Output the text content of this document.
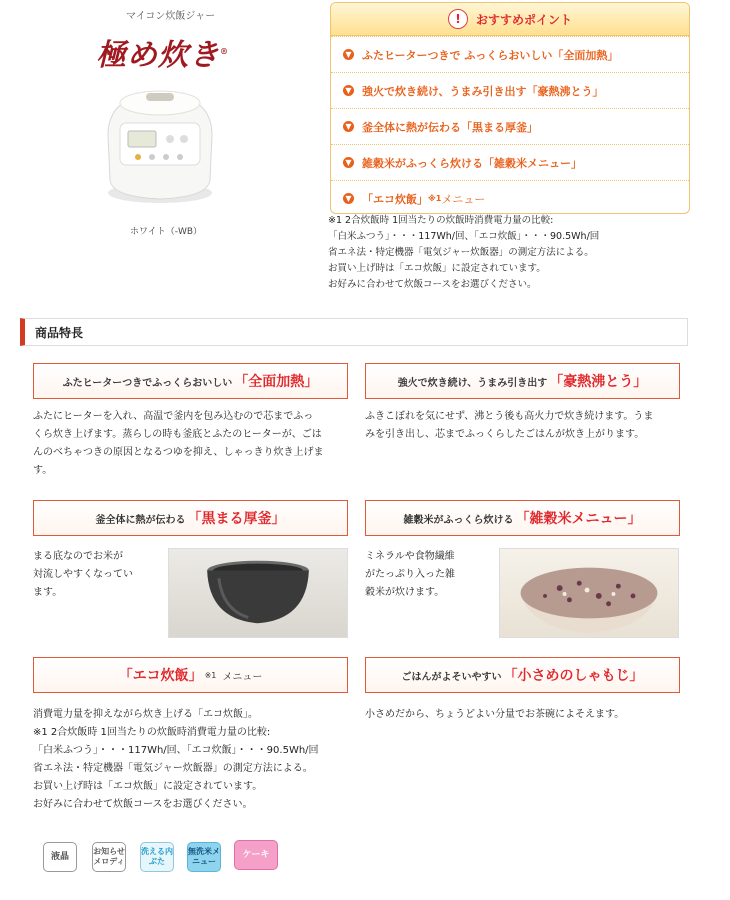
マイコン炊飯ジャー
極め炊き®
ホワイト（-WB）
!	おすすめポイント
▼ ふたヒーターつきで ふっくらおいしい 「全面加熱」
▼ 強火で炊き続け、うまみ引き出す 「豪熱沸とう」
▼ 釜全体に熱が伝わる 「黒まる厚釜」
▼ 雑穀米がふっくら炊ける 「雑穀米メニュー」
▼ 「エコ炊飯」 ※1 メニュー
※1 2合炊飯時 1回当たりの炊飯時消費電力量の比較:
「白米ふつう」・・・117Wh/回、「エコ炊飯」・・・90.5Wh/回
省エネ法・特定機器「電気ジャー炊飯器」の測定方法による。
お買い上げ時は「エコ炊飯」に設定されています。
お好みに合わせて炊飯コースをお選びください。
商品特長
ふたヒーターつきでふっくらおいしい 「全面加熱」
ふたにヒーターを入れ、高温で釜内を包み込むので芯までふっ
くら炊き上げます。蒸らしの時も釜底とふたのヒーターが、ごは
んのべちゃつきの原因となるつゆを抑え、しゃっきり炊き上げま
す。
強火で炊き続け、うまみ引き出す 「豪熱沸とう」
ふきこぼれを気にせず、沸とう後も高火力で炊き続けます。うま
みを引き出し、芯までふっくらしたごはんが炊き上がります。
釜全体に熱が伝わる 「黒まる厚釜」
まる底なのでお米が
対流しやすくなってい
ます。
雑穀米がふっくら炊ける 「雑穀米メニュー」
ミネラルや食物繊維
がたっぷり入った雑
穀米が炊けます。
「エコ炊飯」 ※1 メニュー
消費電力量を抑えながら炊き上げる「エコ炊飯」。
※1 2合炊飯時 1回当たりの炊飯時消費電力量の比較:
「白米ふつう」・・・117Wh/回、「エコ炊飯」・・・90.5Wh/回
省エネ法・特定機器「電気ジャー炊飯器」の測定方法による。
お買い上げ時は「エコ炊飯」に設定されています。
お好みに合わせて炊飯コースをお選びください。
ごはんがよそいやすい 「小さめのしゃもじ」
小さめだから、ちょうどよい分量でお茶碗によそえます。
液晶
お知らせメロディ
洗える内ぶた
無洗米メニュー
ケーキ
